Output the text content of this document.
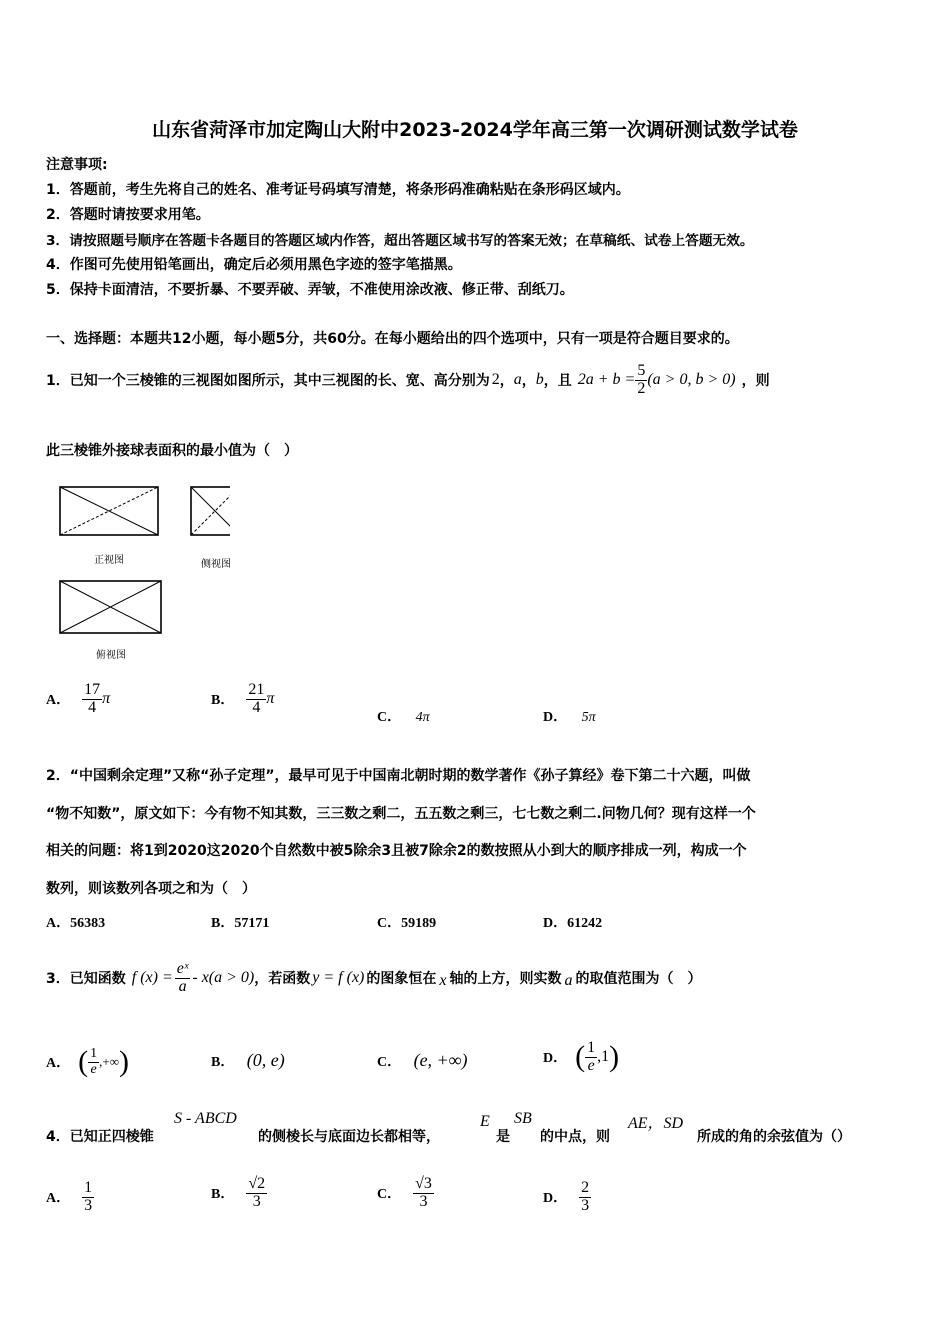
山东省菏泽市加定陶山大附中2023-2024学年高三第一次调研测试数学试卷
注意事项:
1．答题前，考生先将自己的姓名、准考证号码填写清楚，将条形码准确粘贴在条形码区域内。
2．答题时请按要求用笔。
3．请按照题号顺序在答题卡各题目的答题区域内作答，超出答题区域书写的答案无效；在草稿纸、试卷上答题无效。
4．作图可先使用铅笔画出，确定后必须用黑色字迹的签字笔描黑。
5．保持卡面清洁，不要折暴、不要弄破、弄皱，不准使用涂改液、修正带、刮纸刀。
一、选择题：本题共12小题，每小题5分，共60分。在每小题给出的四个选项中，只有一项是符合题目要求的。
1．已知一个三棱锥的三视图如图所示，其中三视图的长、宽、高分别为 2 ， a ， b ，且 $2a + b = \frac{5}{2} (a > 0$, b > 0) ，则
此三棱锥外接球表面积的最小值为（　）
正视图	侧视图
俯视图
A． $\frac{17}{4}$ π	B． $\frac{21}{4}$ π
C． 4π	D． 5π
2．“中国剩余定理”又称“孙子定理”，最早可见于中国南北朝时期的数学著作《孙子算经》卷下第二十六题，叫做
“物不知数”，原文如下：今有物不知其数，三三数之剩二，五五数之剩三，七七数之剩二.问物几何？现有这样一个
相关的问题：将1到2020这2020个自然数中被5除余3且被7除余2的数按照从小到大的顺序排成一列，构成一个
数列，则该数列各项之和为（　）
A．56383	B．57171	C．59189	D．61242
3．已知函数 f $(x) = \frac{\text{eˣ}}{a} - x(a > 0)$ ，若函数 y = f (x) 的图象恒在 x 轴的上方，则实数 a 的取值范围为（　）
A． ( $\frac{1}{e}$ ,+∞ )	B． (0, e)	C． (e, +∞)	D． ( $\frac{1}{e} ,1$ )
4．已知正四棱锥
S - ABCD
的侧棱长与底面边长都相等，
E
是
SB
的中点，则
AE，SD
所成的角的余弦值为（）
A． $\frac{1}{3}$	B． $\frac{√2}{3}$	C． $\frac{√3}{3}$	D． $\frac{2}{3}$
